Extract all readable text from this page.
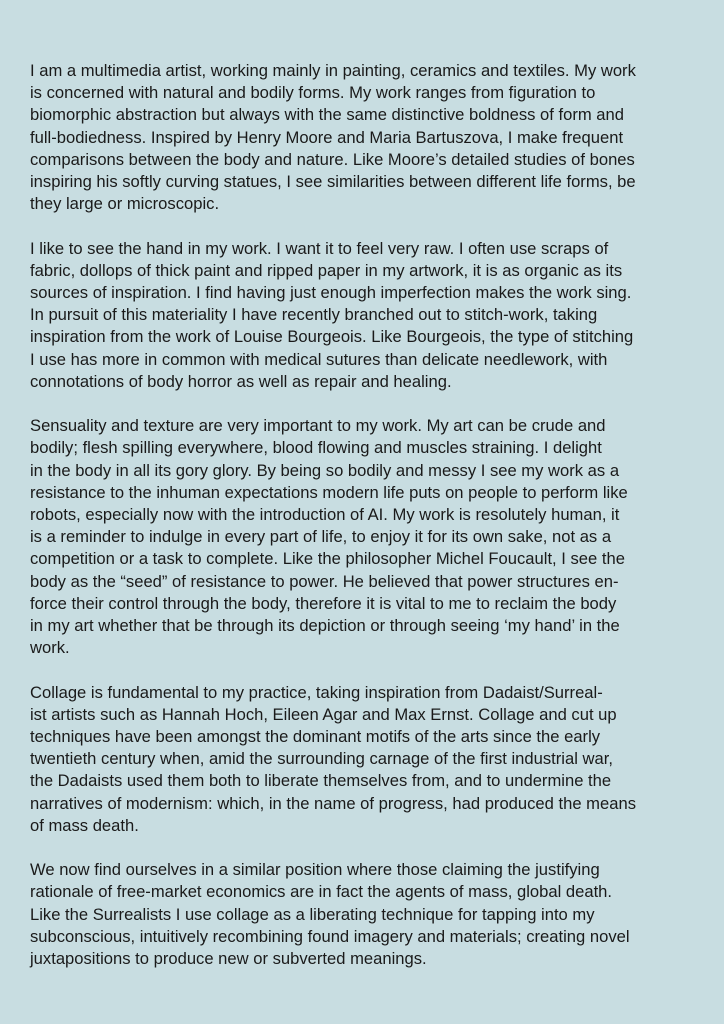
I am a multimedia artist, working mainly in painting, ceramics and textiles. My work
is concerned with natural and bodily forms. My work ranges from figuration to
biomorphic abstraction but always with the same distinctive boldness of form and
full-bodiedness. Inspired by Henry Moore and Maria Bartuszova, I make frequent
comparisons between the body and nature. Like Moore’s detailed studies of bones
inspiring his softly curving statues, I see similarities between different life forms, be
they large or microscopic.

I like to see the hand in my work. I want it to feel very raw. I often use scraps of
fabric, dollops of thick paint and ripped paper in my artwork, it is as organic as its
sources of inspiration. I find having just enough imperfection makes the work sing.
In pursuit of this materiality I have recently branched out to stitch-work, taking
inspiration from the work of Louise Bourgeois. Like Bourgeois, the type of stitching
I use has more in common with medical sutures than delicate needlework, with
connotations of body horror as well as repair and healing.

Sensuality and texture are very important to my work. My art can be crude and
bodily; flesh spilling everywhere, blood flowing and muscles straining. I delight
in the body in all its gory glory. By being so bodily and messy I see my work as a
resistance to the inhuman expectations modern life puts on people to perform like
robots, especially now with the introduction of AI. My work is resolutely human, it
is a reminder to indulge in every part of life, to enjoy it for its own sake, not as a
competition or a task to complete. Like the philosopher Michel Foucault, I see the
body as the “seed” of resistance to power. He believed that power structures en-
force their control through the body, therefore it is vital to me to reclaim the body
in my art whether that be through its depiction or through seeing ‘my hand’ in the
work.

Collage is fundamental to my practice, taking inspiration from Dadaist/Surreal-
ist artists such as Hannah Hoch, Eileen Agar and Max Ernst. Collage and cut up
techniques have been amongst the dominant motifs of the arts since the early
twentieth century when, amid the surrounding carnage of the first industrial war,
the Dadaists used them both to liberate themselves from, and to undermine the
narratives of modernism: which, in the name of progress, had produced the means
of mass death.

We now find ourselves in a similar position where those claiming the justifying
rationale of free-market economics are in fact the agents of mass, global death.
Like the Surrealists I use collage as a liberating technique for tapping into my
subconscious, intuitively recombining found imagery and materials; creating novel
juxtapositions to produce new or subverted meanings.
